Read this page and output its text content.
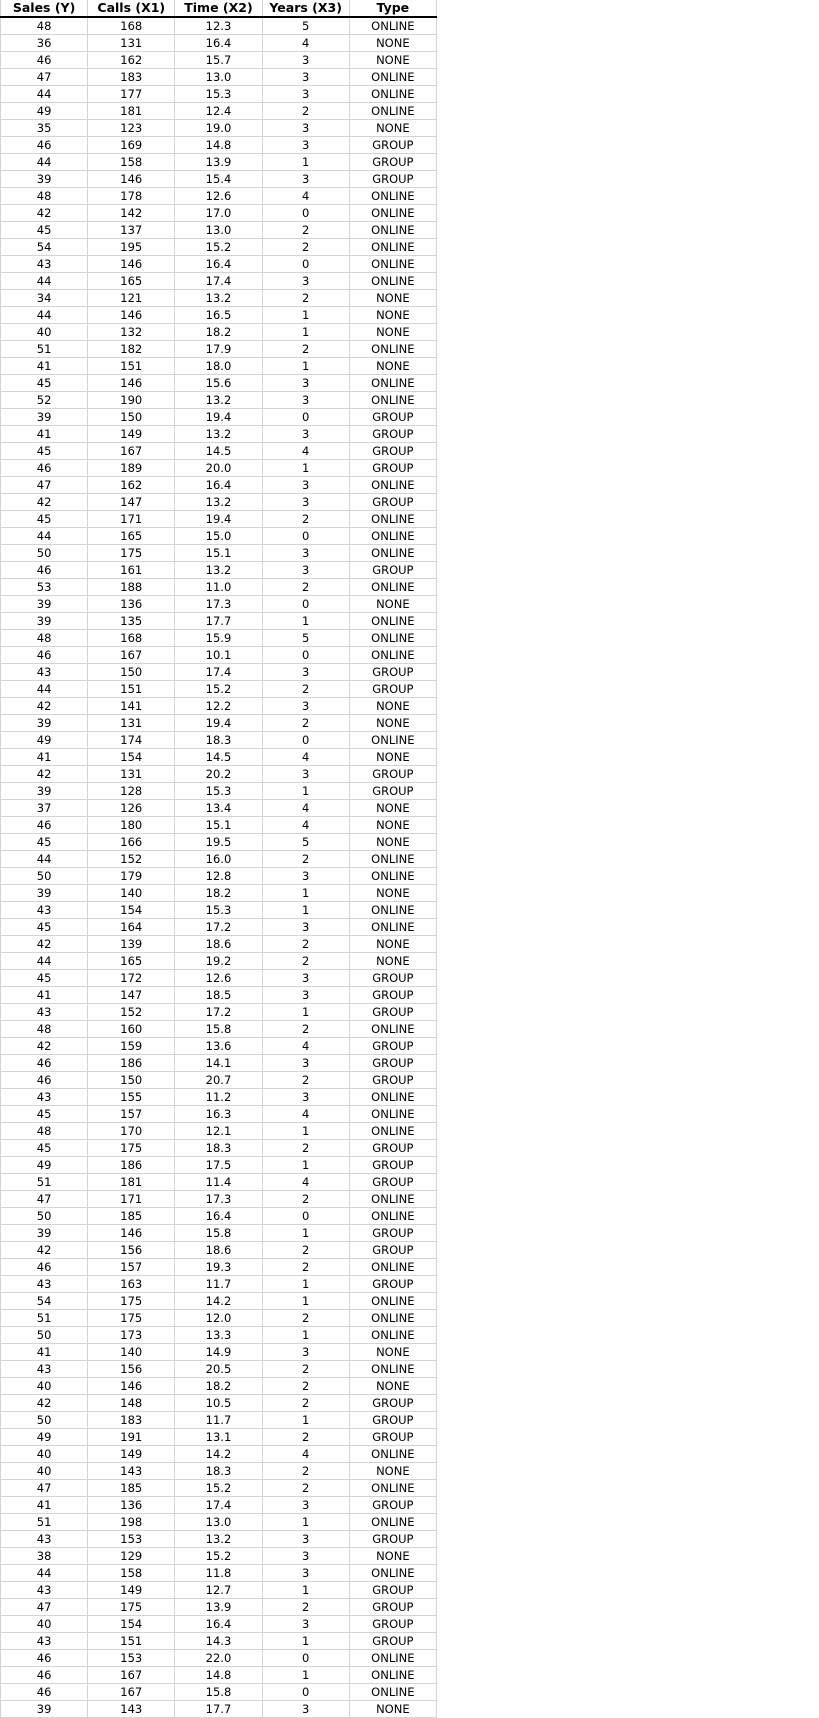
Sales (Y)	Calls (X1)	Time (X2)	Years (X3)	Type
48	168	12.3	5	ONLINE
36	131	16.4	4	NONE
46	162	15.7	3	NONE
47	183	13.0	3	ONLINE
44	177	15.3	3	ONLINE
49	181	12.4	2	ONLINE
35	123	19.0	3	NONE
46	169	14.8	3	GROUP
44	158	13.9	1	GROUP
39	146	15.4	3	GROUP
48	178	12.6	4	ONLINE
42	142	17.0	0	ONLINE
45	137	13.0	2	ONLINE
54	195	15.2	2	ONLINE
43	146	16.4	0	ONLINE
44	165	17.4	3	ONLINE
34	121	13.2	2	NONE
44	146	16.5	1	NONE
40	132	18.2	1	NONE
51	182	17.9	2	ONLINE
41	151	18.0	1	NONE
45	146	15.6	3	ONLINE
52	190	13.2	3	ONLINE
39	150	19.4	0	GROUP
41	149	13.2	3	GROUP
45	167	14.5	4	GROUP
46	189	20.0	1	GROUP
47	162	16.4	3	ONLINE
42	147	13.2	3	GROUP
45	171	19.4	2	ONLINE
44	165	15.0	0	ONLINE
50	175	15.1	3	ONLINE
46	161	13.2	3	GROUP
53	188	11.0	2	ONLINE
39	136	17.3	0	NONE
39	135	17.7	1	ONLINE
48	168	15.9	5	ONLINE
46	167	10.1	0	ONLINE
43	150	17.4	3	GROUP
44	151	15.2	2	GROUP
42	141	12.2	3	NONE
39	131	19.4	2	NONE
49	174	18.3	0	ONLINE
41	154	14.5	4	NONE
42	131	20.2	3	GROUP
39	128	15.3	1	GROUP
37	126	13.4	4	NONE
46	180	15.1	4	NONE
45	166	19.5	5	NONE
44	152	16.0	2	ONLINE
50	179	12.8	3	ONLINE
39	140	18.2	1	NONE
43	154	15.3	1	ONLINE
45	164	17.2	3	ONLINE
42	139	18.6	2	NONE
44	165	19.2	2	NONE
45	172	12.6	3	GROUP
41	147	18.5	3	GROUP
43	152	17.2	1	GROUP
48	160	15.8	2	ONLINE
42	159	13.6	4	GROUP
46	186	14.1	3	GROUP
46	150	20.7	2	GROUP
43	155	11.2	3	ONLINE
45	157	16.3	4	ONLINE
48	170	12.1	1	ONLINE
45	175	18.3	2	GROUP
49	186	17.5	1	GROUP
51	181	11.4	4	GROUP
47	171	17.3	2	ONLINE
50	185	16.4	0	ONLINE
39	146	15.8	1	GROUP
42	156	18.6	2	GROUP
46	157	19.3	2	ONLINE
43	163	11.7	1	GROUP
54	175	14.2	1	ONLINE
51	175	12.0	2	ONLINE
50	173	13.3	1	ONLINE
41	140	14.9	3	NONE
43	156	20.5	2	ONLINE
40	146	18.2	2	NONE
42	148	10.5	2	GROUP
50	183	11.7	1	GROUP
49	191	13.1	2	GROUP
40	149	14.2	4	ONLINE
40	143	18.3	2	NONE
47	185	15.2	2	ONLINE
41	136	17.4	3	GROUP
51	198	13.0	1	ONLINE
43	153	13.2	3	GROUP
38	129	15.2	3	NONE
44	158	11.8	3	ONLINE
43	149	12.7	1	GROUP
47	175	13.9	2	GROUP
40	154	16.4	3	GROUP
43	151	14.3	1	GROUP
46	153	22.0	0	ONLINE
46	167	14.8	1	ONLINE
46	167	15.8	0	ONLINE
39	143	17.7	3	NONE
